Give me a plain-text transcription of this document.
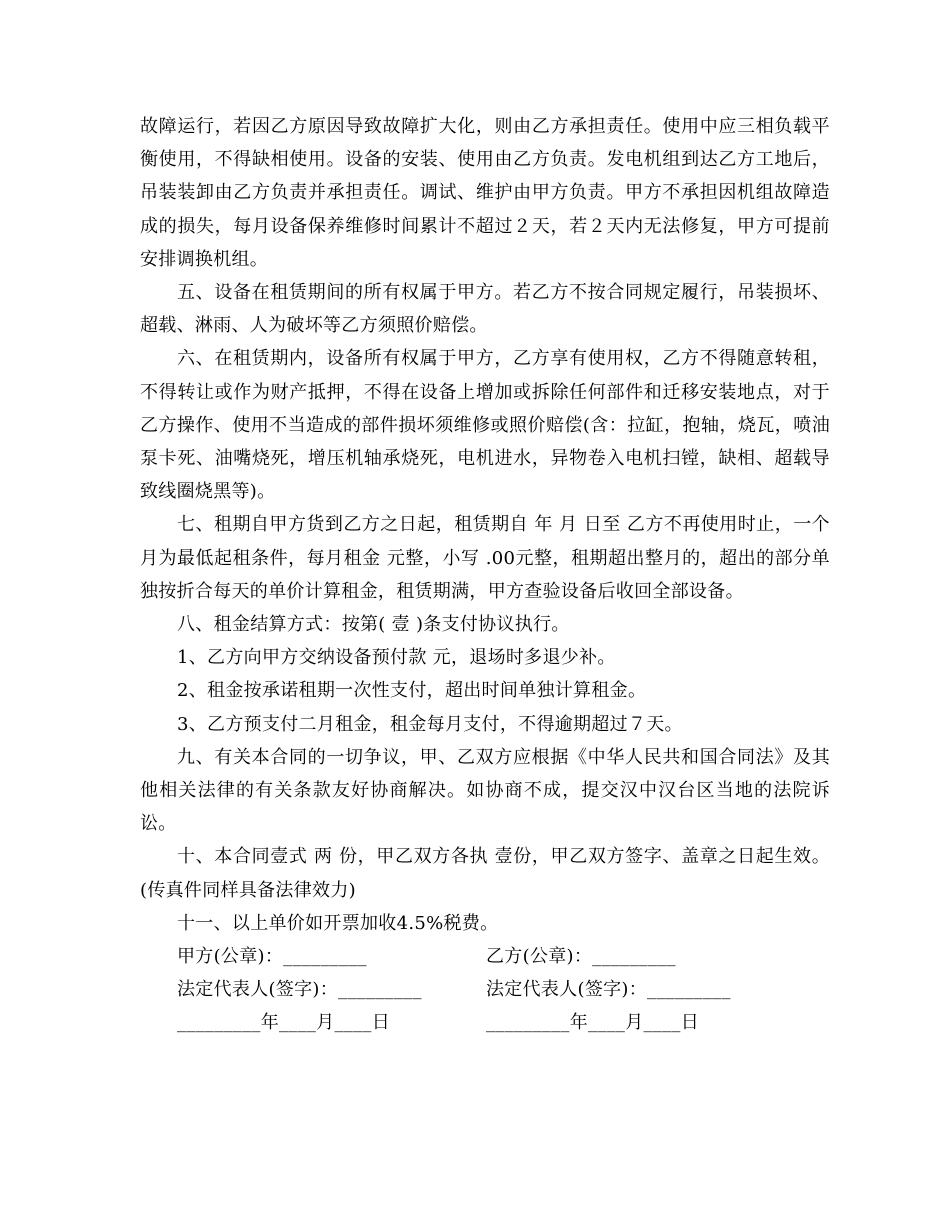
故障运行，若因乙方原因导致故障扩大化，则由乙方承担责任。使用中应三相负载平衡使用，不得缺相使用。设备的安装、使用由乙方负责。发电机组到达乙方工地后，吊装装卸由乙方负责并承担责任。调试、维护由甲方负责。甲方不承担因机组故障造成的损失，每月设备保养维修时间累计不超过２天，若２天内无法修复，甲方可提前安排调换机组。

五、设备在租赁期间的所有权属于甲方。若乙方不按合同规定履行，吊装损坏、超载、淋雨、人为破坏等乙方须照价赔偿。

六、在租赁期内，设备所有权属于甲方，乙方享有使用权，乙方不得随意转租，不得转让或作为财产抵押，不得在设备上增加或拆除任何部件和迁移安装地点，对于乙方操作、使用不当造成的部件损坏须维修或照价赔偿(含：拉缸，抱轴，烧瓦，喷油泵卡死、油嘴烧死，增压机轴承烧死，电机进水，异物卷入电机扫镗，缺相、超载导致线圈烧黑等)。

七、租期自甲方货到乙方之日起，租赁期自 年 月 日至 乙方不再使用时止，一个月为最低起租条件，每月租金 元整，小写 .00元整，租期超出整月的，超出的部分单独按折合每天的单价计算租金，租赁期满，甲方查验设备后收回全部设备。

八、租金结算方式：按第( 壹 )条支付协议执行。

1、乙方向甲方交纳设备预付款 元，退场时多退少补。

2、租金按承诺租期一次性支付，超出时间单独计算租金。

3、乙方预支付二月租金，租金每月支付，不得逾期超过７天。

九、有关本合同的一切争议，甲、乙双方应根据《中华人民共和国合同法》及其他相关法律的有关条款友好协商解决。如协商不成，提交汉中汉台区当地的法院诉讼。

十、本合同壹式 两 份，甲乙双方各执 壹份，甲乙双方签字、盖章之日起生效。(传真件同样具备法律效力)

十一、以上单价如开票加收4.5%税费。

甲方(公章)：_________	乙方(公章)：_________
法定代表人(签字)：_________	法定代表人(签字)：_________
_________年____月____日	_________年____月____日
